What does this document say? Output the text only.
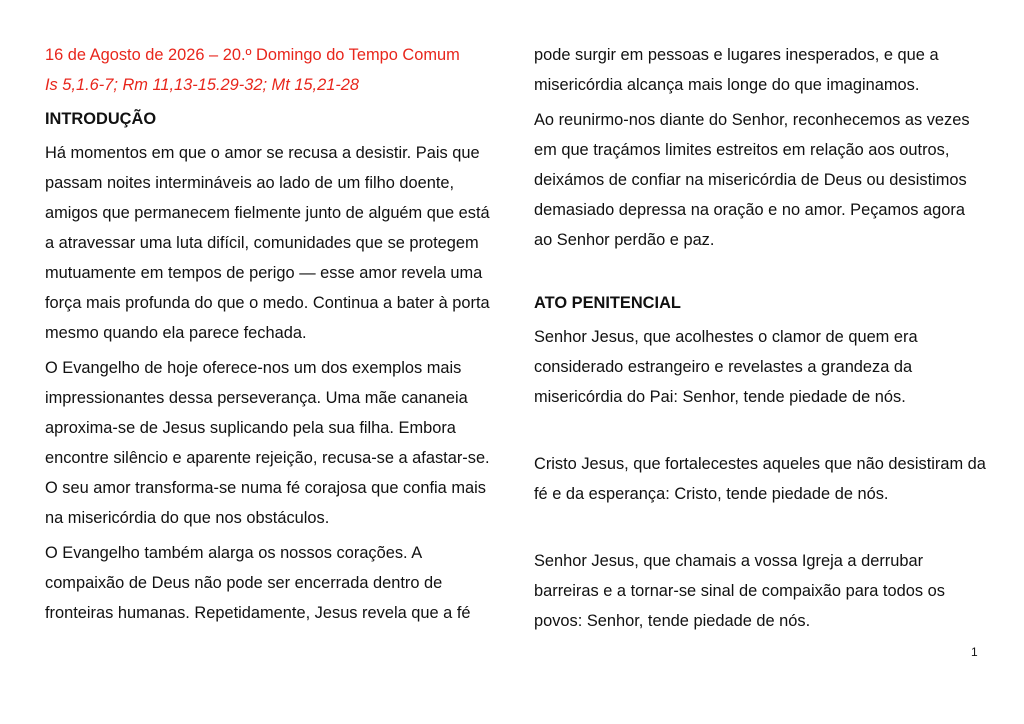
16 de Agosto de 2026 – 20.º Domingo do Tempo Comum

Is 5,1.6-7; Rm 11,13-15.29-32; Mt 15,21-28

INTRODUÇÃO

Há momentos em que o amor se recusa a desistir. Pais que passam noites intermináveis ao lado de um filho doente, amigos que permanecem fielmente junto de alguém que está a atravessar uma luta difícil, comunidades que se protegem mutuamente em tempos de perigo — esse amor revela uma força mais profunda do que o medo. Continua a bater à porta mesmo quando ela parece fechada.

O Evangelho de hoje oferece-nos um dos exemplos mais impressionantes dessa perseverança. Uma mãe cananeia aproxima-se de Jesus suplicando pela sua filha. Embora encontre silêncio e aparente rejeição, recusa-se a afastar-se. O seu amor transforma-se numa fé corajosa que confia mais na misericórdia do que nos obstáculos.

O Evangelho também alarga os nossos corações. A compaixão de Deus não pode ser encerrada dentro de fronteiras humanas. Repetidamente, Jesus revela que a fé

pode surgir em pessoas e lugares inesperados, e que a misericórdia alcança mais longe do que imaginamos.

Ao reunirmo-nos diante do Senhor, reconhecemos as vezes em que traçámos limites estreitos em relação aos outros, deixámos de confiar na misericórdia de Deus ou desistimos demasiado depressa na oração e no amor. Peçamos agora ao Senhor perdão e paz.

ATO PENITENCIAL

Senhor Jesus, que acolhestes o clamor de quem era considerado estrangeiro e revelastes a grandeza da misericórdia do Pai: Senhor, tende piedade de nós.

Cristo Jesus, que fortalecestes aqueles que não desistiram da fé e da esperança: Cristo, tende piedade de nós.

Senhor Jesus, que chamais a vossa Igreja a derrubar barreiras e a tornar-se sinal de compaixão para todos os povos: Senhor, tende piedade de nós.

1
